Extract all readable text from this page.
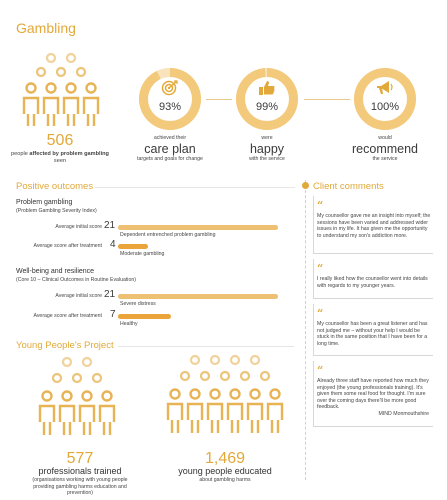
Gambling
506
people affected by problem gambling seen
93%	99%	100%
achieved their
care plan
targets and goals for change
were
happy
with the service
would
recommend
the service
Positive outcomes
Problem gambling
(Problem Gambling Severity Index)
Average initial score 21
Dependent entrenched problem gambling
Average score after treatment 4
Moderate gambling
Well-being and resilience
(Core 10 – Clinical Outcomes in Routine Evaluation)
Average initial score 21
Severe distress
Average score after treatment 7
Healthy
Young People's Project
577
professionals trained
(organisations working with young people providing gambling harms education and prevention)
1,469
young people educated
about gambling harms
Client comments
“
My counsellor gave me an insight into myself; the sessions have been varied and addressed wider issues in my life. It has given me the opportunity to understand my son's addiction more.
“
I really liked how the counsellor went into details with regards to my younger years.
“
My counsellor has been a great listener and has not judged me – without your help I would be stuck in the same position that I have been for a long time.
“
Already three staff have reported how much they enjoyed (the young professionals training). It's given them some real food for thought. I'm sure over the coming days there'll be more good feedback.
MIND Monmouthshire
